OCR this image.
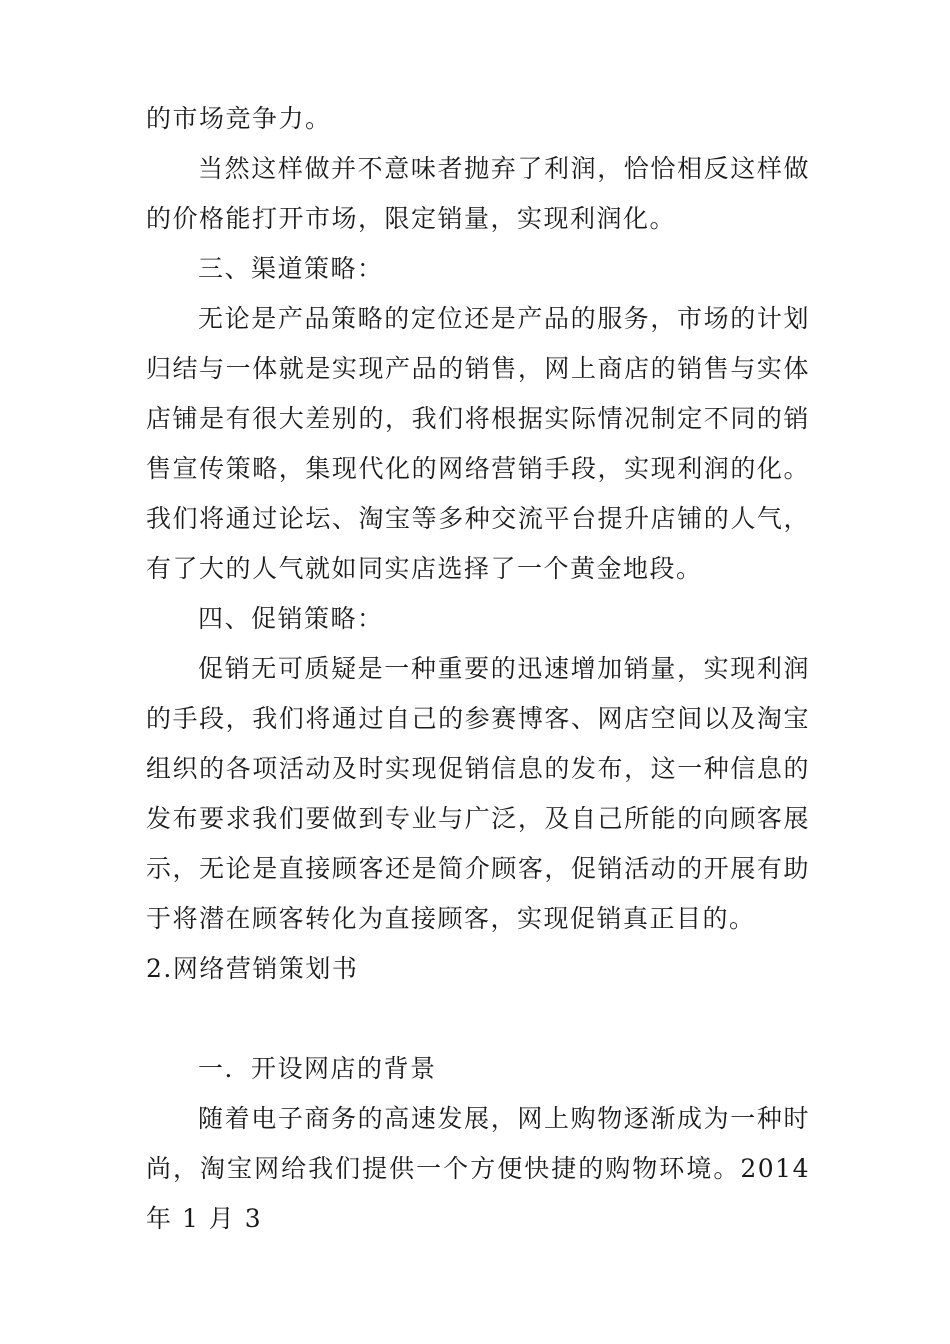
的市场竞争力。

当然这样做并不意味者抛弃了利润，恰恰相反这样做的价格能打开市场，限定销量，实现利润化。

三、渠道策略：

无论是产品策略的定位还是产品的服务，市场的计划归结与一体就是实现产品的销售，网上商店的销售与实体店铺是有很大差别的，我们将根据实际情况制定不同的销售宣传策略，集现代化的网络营销手段，实现利润的化。我们将通过论坛、淘宝等多种交流平台提升店铺的人气，有了大的人气就如同实店选择了一个黄金地段。

四、促销策略：

促销无可质疑是一种重要的迅速增加销量，实现利润的手段，我们将通过自己的参赛博客、网店空间以及淘宝组织的各项活动及时实现促销信息的发布，这一种信息的发布要求我们要做到专业与广泛，及自己所能的向顾客展示，无论是直接顾客还是简介顾客，促销活动的开展有助于将潜在顾客转化为直接顾客，实现促销真正目的。

2.网络营销策划书

一．开设网店的背景

随着电子商务的高速发展，网上购物逐渐成为一种时尚，淘宝网给我们提供一个方便快捷的购物环境。2014 年 1 月 3
